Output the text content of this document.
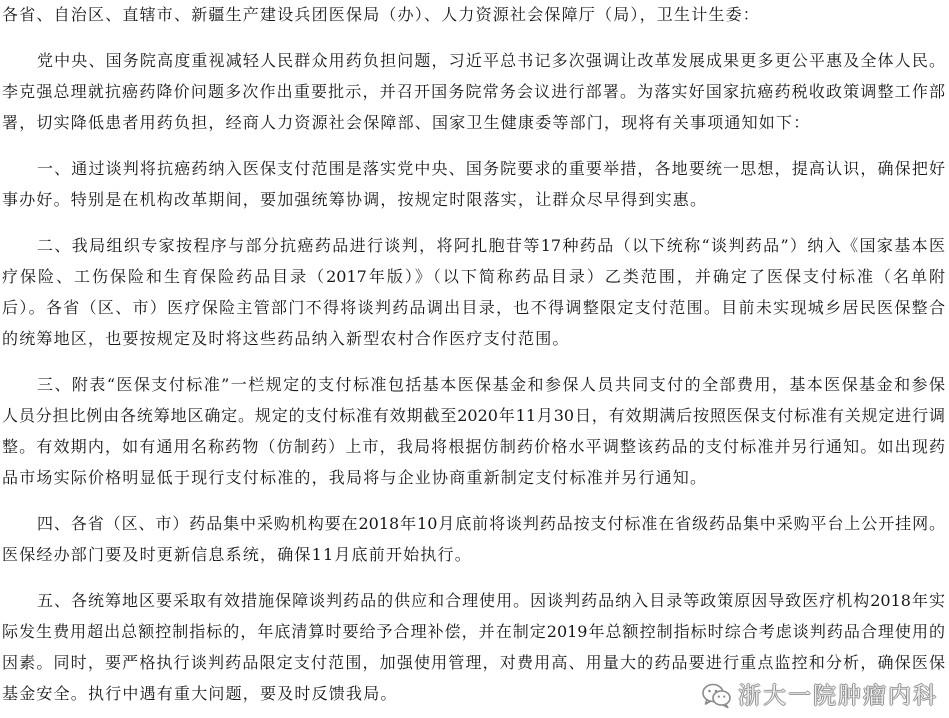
各省、自治区、直辖市、新疆生产建设兵团医保局（办）、人力资源社会保障厅（局），卫生计生委：
党中央、国务院高度重视减轻人民群众用药负担问题，习近平总书记多次强调让改革发展成果更多更公平惠及全体人民。
李克强总理就抗癌药降价问题多次作出重要批示，并召开国务院常务会议进行部署。为落实好国家抗癌药税收政策调整工作部
署，切实降低患者用药负担，经商人力资源社会保障部、国家卫生健康委等部门，现将有关事项通知如下：
一、通过谈判将抗癌药纳入医保支付范围是落实党中央、国务院要求的重要举措，各地要统一思想，提高认识，确保把好
事办好。特别是在机构改革期间，要加强统筹协调，按规定时限落实，让群众尽早得到实惠。
二、我局组织专家按程序与部分抗癌药品进行谈判，将阿扎胞苷等17种药品（以下统称“谈判药品”）纳入《国家基本医
疗保险、工伤保险和生育保险药品目录（2017年版）》（以下简称药品目录）乙类范围，并确定了医保支付标准（名单附
后）。各省（区、市）医疗保险主管部门不得将谈判药品调出目录，也不得调整限定支付范围。目前未实现城乡居民医保整合
的统筹地区，也要按规定及时将这些药品纳入新型农村合作医疗支付范围。
三、附表“医保支付标准”一栏规定的支付标准包括基本医保基金和参保人员共同支付的全部费用，基本医保基金和参保
人员分担比例由各统筹地区确定。规定的支付标准有效期截至2020年11月30日，有效期满后按照医保支付标准有关规定进行调
整。有效期内，如有通用名称药物（仿制药）上市，我局将根据仿制药价格水平调整该药品的支付标准并另行通知。如出现药
品市场实际价格明显低于现行支付标准的，我局将与企业协商重新制定支付标准并另行通知。
四、各省（区、市）药品集中采购机构要在2018年10月底前将谈判药品按支付标准在省级药品集中采购平台上公开挂网。
医保经办部门要及时更新信息系统，确保11月底前开始执行。
五、各统筹地区要采取有效措施保障谈判药品的供应和合理使用。因谈判药品纳入目录等政策原因导致医疗机构2018年实
际发生费用超出总额控制指标的，年底清算时要给予合理补偿，并在制定2019年总额控制指标时综合考虑谈判药品合理使用的
因素。同时，要严格执行谈判药品限定支付范围，加强使用管理，对费用高、用量大的药品要进行重点监控和分析，确保医保
基金安全。执行中遇有重大问题，要及时反馈我局。	浙大一院肿瘤内科
